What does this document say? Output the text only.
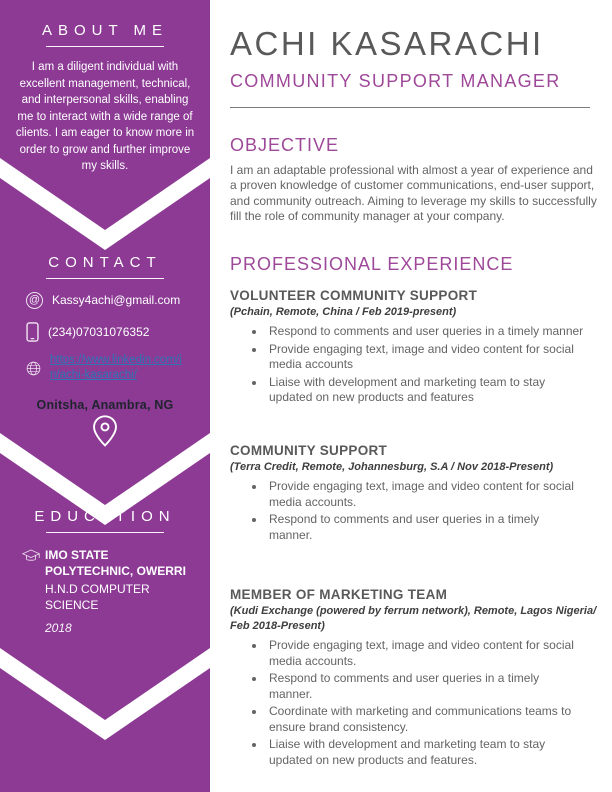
ABOUT ME

I am a diligent individual with excellent management, technical, and interpersonal skills, enabling me to interact with a wide range of clients. I am eager to know more in order to grow and further improve my skills.

CONTACT
@ Kassy4achi@gmail.com
(234)07031076352
https://www.linkedin.com/in/achi-kasarachi/
Onitsha, Anambra, NG
EDUCATION
IMO STATE POLYTECHNIC, OWERRI
H.N.D COMPUTER SCIENCE
2018
ACHI KASARACHI
COMMUNITY SUPPORT MANAGER
OBJECTIVE

I am an adaptable professional with almost a year of experience and a proven knowledge of customer communications, end-user support, and community outreach. Aiming to leverage my skills to successfully fill the role of community manager at your company.

PROFESSIONAL EXPERIENCE
VOLUNTEER COMMUNITY SUPPORT

(Pchain, Remote, China / Feb 2019-present)

• Respond to comments and user queries in a timely manner
• Provide engaging text, image and video content for social media accounts
• Liaise with development and marketing team to stay updated on new products and features
COMMUNITY SUPPORT

(Terra Credit, Remote, Johannesburg, S.A / Nov 2018-Present)

• Provide engaging text, image and video content for social media accounts.
• Respond to comments and user queries in a timely manner.
MEMBER OF MARKETING TEAM

(Kudi Exchange (powered by ferrum network), Remote, Lagos Nigeria/ Feb 2018-Present)

• Provide engaging text, image and video content for social media accounts.
• Respond to comments and user queries in a timely manner.
• Coordinate with marketing and communications teams to ensure brand consistency.
• Liaise with development and marketing team to stay updated on new products and features.
